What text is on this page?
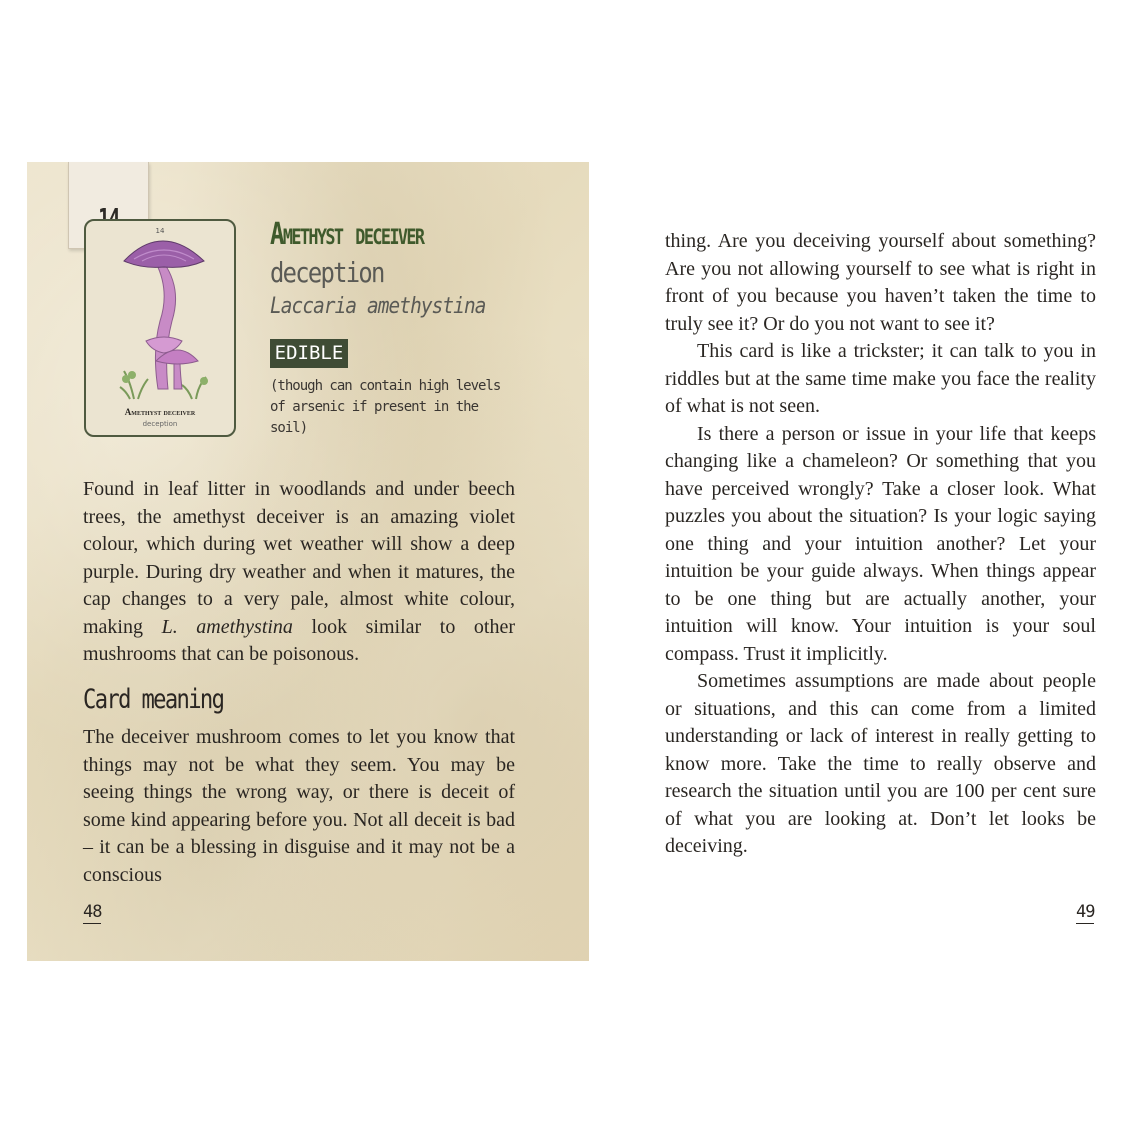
14
Amethyst deceiver
deception
Amethyst deceiver
deception
Laccaria amethystina
EDIBLE
(though can contain high levels of arsenic if present in the soil)

Found in leaf litter in woodlands and under beech trees, the amethyst deceiver is an amazing violet colour, which during wet weather will show a deep purple. During dry weather and when it matures, the cap changes to a very pale, almost white colour, making L. amethystina look similar to other mushrooms that can be poisonous.

Card meaning

The deceiver mushroom comes to let you know that things may not be what they seem. You may be seeing things the wrong way, or there is deceit of some kind appearing before you. Not all deceit is bad – it can be a blessing in disguise and it may not be a conscious

48

thing. Are you deceiving yourself about something? Are you not allowing yourself to see what is right in front of you because you haven’t taken the time to truly see it? Or do you not want to see it?

This card is like a trickster; it can talk to you in riddles but at the same time make you face the reality of what is not seen.

Is there a person or issue in your life that keeps changing like a chameleon? Or something that you have perceived wrongly? Take a closer look. What puzzles you about the situation? Is your logic saying one thing and your intuition another? Let your intuition be your guide always. When things appear to be one thing but are actually another, your intuition will know. Your intuition is your soul compass. Trust it implicitly.

Sometimes assumptions are made about people or situations, and this can come from a limited understanding or lack of interest in really getting to know more. Take the time to really observe and research the situation until you are 100 per cent sure of what you are looking at. Don’t let looks be deceiving.

49
